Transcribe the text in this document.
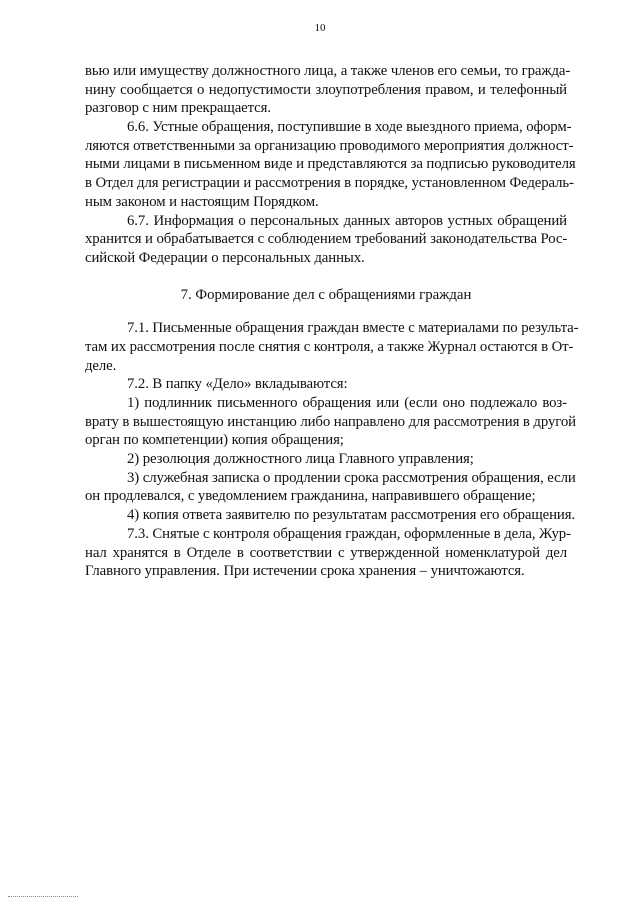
10
вью или имуществу должностного лица, а также членов его семьи, то гражда-
нину сообщается о недопустимости злоупотребления правом, и телефонный
разговор с ним прекращается.
6.6. Устные обращения, поступившие в ходе выездного приема, оформ-
ляются ответственными за организацию проводимого мероприятия должност-
ными лицами в письменном виде и представляются за подписью руководителя
в Отдел для регистрации и рассмотрения в порядке, установленном Федераль-
ным законом и настоящим Порядком.
6.7. Информация о персональных данных авторов устных обращений
хранится и обрабатывается с соблюдением требований законодательства Рос-
сийской Федерации о персональных данных.
7. Формирование дел с обращениями граждан
7.1. Письменные обращения граждан вместе с материалами по результа-
там их рассмотрения после снятия с контроля, а также Журнал остаются в От-
деле.
7.2. В папку «Дело» вкладываются:
1) подлинник письменного обращения или (если оно подлежало воз-
врату в вышестоящую инстанцию либо направлено для рассмотрения в другой
орган по компетенции) копия обращения;
2) резолюция должностного лица Главного управления;
3) служебная записка о продлении срока рассмотрения обращения, если
он продлевался, с уведомлением гражданина, направившего обращение;
4) копия ответа заявителю по результатам рассмотрения его обращения.
7.3. Снятые с контроля обращения граждан, оформленные в дела, Жур-
нал хранятся в Отделе в соответствии с утвержденной номенклатурой дел
Главного управления. При истечении срока хранения – уничтожаются.
